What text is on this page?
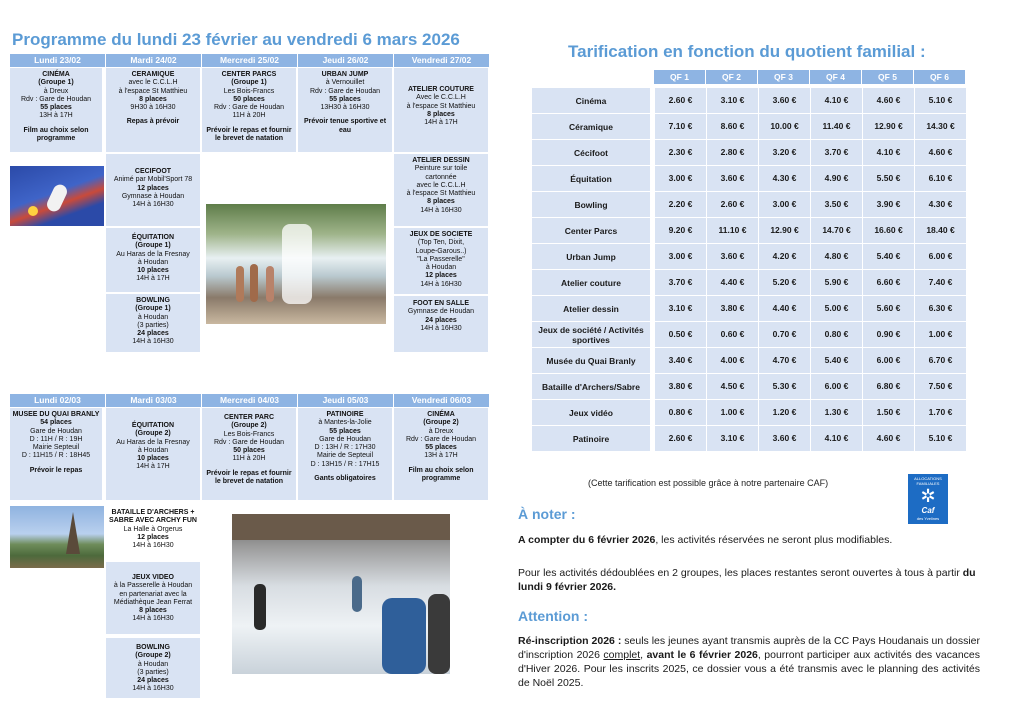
Programme du lundi 23 février au vendredi 6 mars 2026
Tarification en fonction du quotient familial :
Lundi 23/02	Mardi 24/02	Mercredi 25/02	Jeudi 26/02	Vendredi 27/02
CINÉMA
(Groupe 1)
à Dreux
Rdv : Gare de Houdan
55 places
13H à 17H
Film au choix selon programme
CERAMIQUE
avec le C.C.L.H
à l'espace St Matthieu
8 places
9H30 à 16H30
Repas à prévoir
CECIFOOT
Animé par Mobil'Sport 78
12 places
Gymnase à Houdan
14H à 16H30
ÉQUITATION
(Groupe 1)
Au Haras de la Fresnay
à Houdan
10 places
14H à 17H
BOWLING
(Groupe 1)
à Houdan
(3 parties)
24 places
14H à 16H30
CENTER PARCS
(Groupe 1)
Les Bois-Francs
50 places
Rdv : Gare de Houdan
11H à 20H
Prévoir le repas et fournir le brevet de natation
URBAN JUMP
à Vernouillet
Rdv : Gare de Houdan
55 places
13H30 à 16H30
Prévoir tenue sportive et eau
ATELIER COUTURE
Avec le C.C.L.H
à l'espace St Matthieu
8 places
14H à 17H
ATELIER DESSIN
Peinture sur toile
cartonnée
avec le C.C.L.H
à l'espace St Matthieu
8 places
14H à 16H30
JEUX DE SOCIETE
(Top Ten, Dixit,
Loupe-Garous..)
"La Passerelle"
à Houdan
12 places
14H à 16H30
FOOT EN SALLE
Gymnase de Houdan
24 places
14H à 16H30
Lundi 02/03	Mardi 03/03	Mercredi 04/03	Jeudi 05/03	Vendredi 06/03
MUSEE DU QUAI BRANLY
54 places
Gare de Houdan
D : 11H / R : 19H
Mairie Septeuil
D : 11H15 / R : 18H45
Prévoir le repas
ÉQUITATION
(Groupe 2)
Au Haras de la Fresnay
à Houdan
10 places
14H à 17H
BATAILLE D'ARCHERS + SABRE AVEC ARCHY FUN
La Halle à Orgerus
12 places
14H à 16H30
JEUX VIDEO
à la Passerelle à Houdan
en partenariat avec la
Médiathèque Jean Ferrat
8 places
14H à 16H30
BOWLING
(Groupe 2)
à Houdan
(3 parties)
24 places
14H à 16H30
CENTER PARC
(Groupe 2)
Les Bois-Francs
Rdv : Gare de Houdan
50 places
11H à 20H
Prévoir le repas et fournir le brevet de natation
PATINOIRE
à Mantes-la-Jolie
55 places
Gare de Houdan
D : 13H / R : 17H30
Mairie de Septeuil
D : 13H15 / R : 17H15
Gants obligatoires
CINÉMA
(Groupe 2)
à Dreux
Rdv : Gare de Houdan
55 places
13H à 17H
Film au choix selon programme
QF 1	QF 2	QF 3	QF 4	QF 5	QF 6
Cinéma	2.60 €	3.10 €	3.60 €	4.10 €	4.60 €	5.10 €
Céramique	7.10 €	8.60 €	10.00 €	11.40 €	12.90 €	14.30 €
Cécifoot	2.30 €	2.80 €	3.20 €	3.70 €	4.10 €	4.60 €
Équitation	3.00 €	3.60 €	4.30 €	4.90 €	5.50 €	6.10 €
Bowling	2.20 €	2.60 €	3.00 €	3.50 €	3.90 €	4.30 €
Center Parcs	9.20 €	11.10 €	12.90 €	14.70 €	16.60 €	18.40 €
Urban Jump	3.00 €	3.60 €	4.20 €	4.80 €	5.40 €	6.00 €
Atelier couture	3.70 €	4.40 €	5.20 €	5.90 €	6.60 €	7.40 €
Atelier dessin	3.10 €	3.80 €	4.40 €	5.00 €	5.60 €	6.30 €
Jeux de société / Activités sportives
0.50 €	0.60 €	0.70 €	0.80 €	0.90 €	1.00 €
Musée du Quai Branly	3.40 €	4.00 €	4.70 €	5.40 €	6.00 €	6.70 €
Bataille d'Archers/Sabre	3.80 €	4.50 €	5.30 €	6.00 €	6.80 €	7.50 €
Jeux vidéo	0.80 €	1.00 €	1.20 €	1.30 €	1.50 €	1.70 €
Patinoire	2.60 €	3.10 €	3.60 €	4.10 €	4.60 €	5.10 €
(Cette tarification est possible grâce à notre partenaire CAF)	ALLOCATIONS FAMILIALES
✲
Caf
des Yvelines
À noter :
A compter du 6 février 2026, les activités réservées ne seront plus modifiables.
Pour les activités dédoublées en 2 groupes, les places restantes seront ouvertes à tous à partir du lundi 9 février 2026.
Attention :
Ré-inscription 2026 : seuls les jeunes ayant transmis auprès de la CC Pays Houdanais un dossier d'inscription 2026 complet, avant le 6 février 2026, pourront participer aux activités des vacances d'Hiver 2026. Pour les inscrits 2025, ce dossier vous a été transmis avec le planning des activités de Noël 2025.
